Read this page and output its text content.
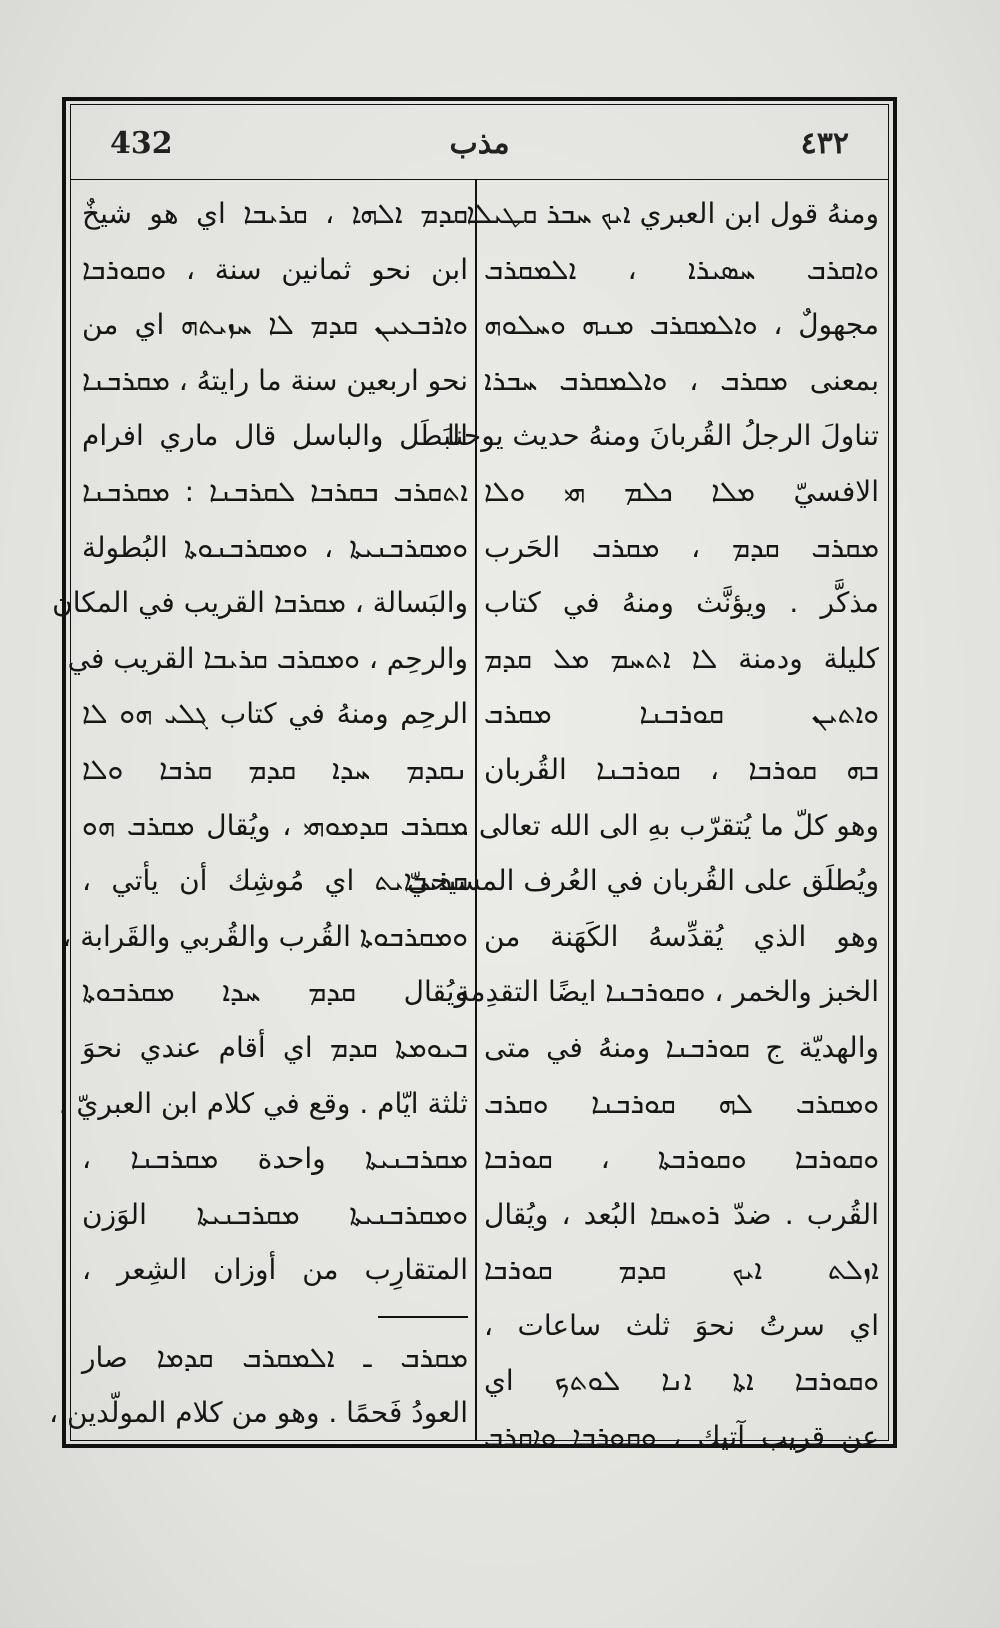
432	مذب	٤٣٢
ومنهُ قول ابن العبري ܐܝܟ ܚܒܪ ܩܛܝܠܐ
ܘܐܩܪܒ ܚܣܝܪܐ ، ܐܠܡܩܪܒ
مجهولٌ ، ܘܐܠܡܩܪܒ ܡܢܗ ܘܚܠܘܗ
بمعنى ܡܩܪܒ ، ܘܐܠܡܩܪܒ ܚܒܪܐ
تناولَ الرجلُ القُربانَ ومنهُ حديث يوحنا
الافسيّ ܡܠܐ ܟܠܡ ܗܝ ܘܠܐ
ܡܩܪܒ ܩܕܡ ، ܡܩܪܒ الحَرب
مذكَّر . ويؤنَّث ومنهُ في كتاب
كليلة ودمنة ܠܐ ܐܬܚܡ ܡܠ ܩܕܡ
ܘܐܬܝܢ ܩܘܪܒܢܐ ܡܩܪܒ
ܒܗ ܩܘܪܒܐ ، ܩܘܪܒܢܐ القُربان
وهو كلّ ما يُتقرّب بهِ الى الله تعالى .
ويُطلَق على القُربان في العُرف المسيحيّ
وهو الذي يُقدِّسهُ الكَهَنة من
الخبز والخمر ، ܘܩܘܪܒܢܐ ايضًا التقدِمة
والهديّة ج ܩܘܪܒܢܐ ومنهُ في متى
ܘܡܩܪܒ ܠܗ ܩܘܪܒܢܐ ܘܩܪܒ
ܘܩܘܪܒܐ ܘܩܘܪܒܬܐ ، ܩܘܪܒܐ
القُرب . ضدّ ܪܘܚܩܐ البُعد ، ويُقال
ܐܙܠܬ ܐܝܟ ܩܕܡ ܩܘܪܒܐ
اي سرتُ نحوَ ثلث ساعات ،
ܘܩܘܪܒܐ ܐܬܐ ܐܢܐ ܠܘܬܟ اي
عن قريب آتيك ، ܘܩܘܪܒܐ ܘܐܩܪܒ
ܩܕܡ ܐܠܗܐ ، ܩܪܝܒܐ اي هو شيخٌ
ابن نحو ثمانين سنة ، ܘܩܘܪܒܐ
ܘܐܪܒܥܝܢ ܩܕܡ ܠܐ ܚܙܝܬܗ اي من
نحو اربعين سنة ما رايتهُ ، ܡܩܪܒܢܐ
البَطَل والباسل قال ماري افرام
ܐܬܩܪܒ ܒܩܪܒܐ ܠܩܪܒܢܐ : ܡܩܪܒܢܐ
ܘܡܩܪܒܢܝܬܐ ، ܘܡܩܪܒܢܘܬܐ البُطولة
والبَسالة ، ܡܩܪܒܐ القريب في المكان
والرحِم ، ܘܡܩܪܒ ܩܪܝܒܐ القريب في
الرحِم ومنهُ في كتاب ܓܠܝ ܗܘ ܠܐ
ܢܩܕܡ ܚܕܐ ܩܕܡ ܩܪܒܐ ܘܠܐ
ܡܩܪܒ ܩܕܡܘܗܝ ، ويُقال ܡܩܪܒ ܗܘ
ܩܪܝܒܐܝܬ اي مُوشِك أن يأتي ،
ܘܡܩܪܒܘܬܐ القُرب والقُربي والقَرابة ،
ويُقال ܩܕܡ ܚܕܐ ܡܩܪܒܘܬܐ
ܒܝܘܡܬܐ ܩܕܡ اي أقام عندي نحوَ
ثلثة ايّام . وقع في كلام ابن العبريّ ،
ܡܩܪܒܢܝܬܐ واحدة ܡܩܪܒܢܐ ،
ܘܡܩܪܒܢܝܬܐ ܡܩܪܒܢܝܬܐ الوَزن
المتقارِب من أوزان الشِعر ،
ܡܩܪܒ ـ ܐܠܡܩܪܒ ܩܕܡܐ صار
العودُ فَحمًا . وهو من كلام المولّدين ،
